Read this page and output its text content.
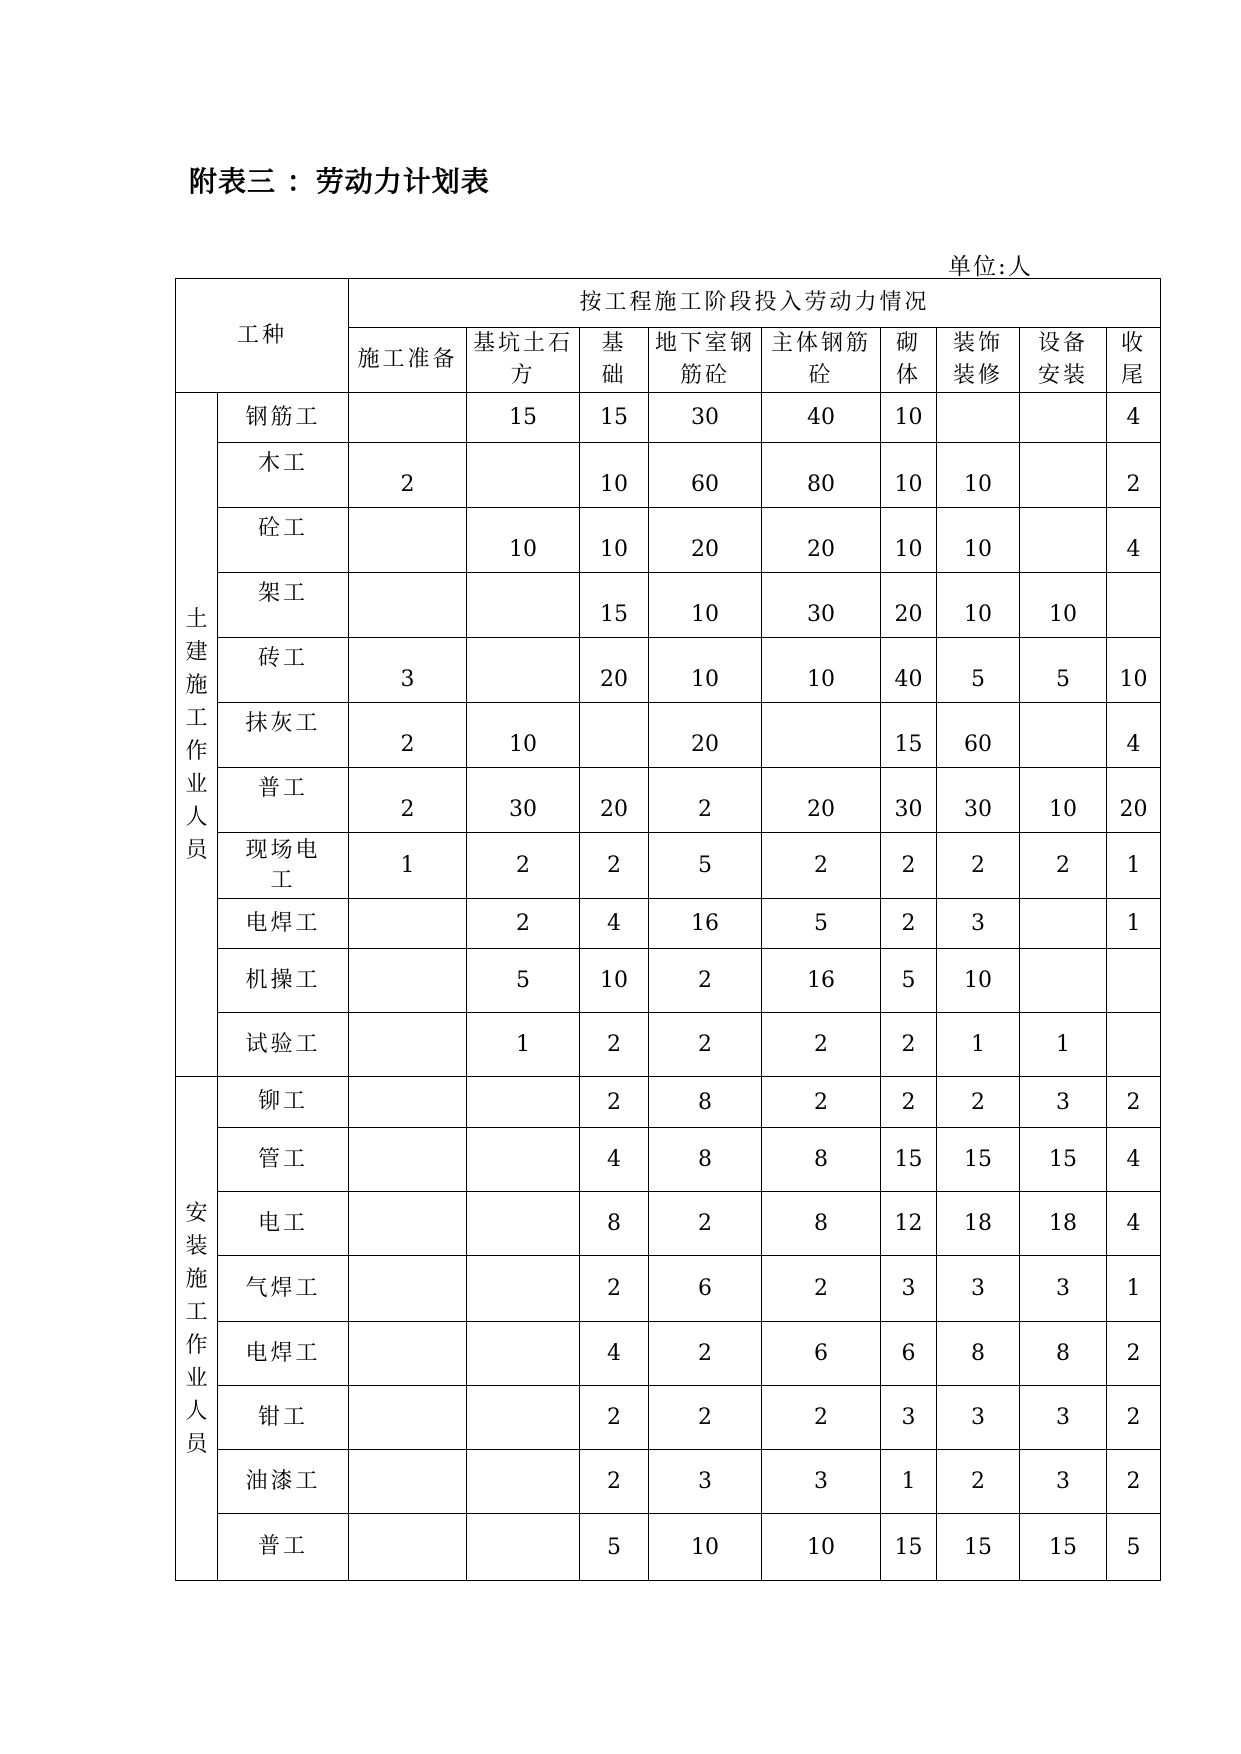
附表三 ：劳动力计划表
单位:人
工种		按工程施工阶段投入劳动力情况								

		施工准备	基坑土石方	基础	地下室钢筋砼	主体钢筋砼	砌体	装饰装修	设备安装	收尾

土建施工作业人员	钢筋工		15	15	30	40	10			4

	木工	2		10	60	80	10	10		2

	砼工		10	10	20	20	10	10		4

	架工			15	10	30	20	10	10	

	砖工	3		20	10	10	40	5	5	10

	抹灰工	2	10		20		15	60		4

	普工	2	30	20	2	20	30	30	10	20

	现场电工	1	2	2	5	2	2	2	2	1

	电焊工		2	4	16	5	2	3		1

	机操工		5	10	2	16	5	10		

	试验工		1	2	2	2	2	1	1	

安装施工作业人员	铆工			2	8	2	2	2	3	2

	管工			4	8	8	15	15	15	4

	电工			8	2	8	12	18	18	4

	气焊工			2	6	2	3	3	3	1

	电焊工			4	2	6	6	8	8	2

	钳工			2	2	2	3	3	3	2

	油漆工			2	3	3	1	2	3	2

	普工			5	10	10	15	15	15	5
